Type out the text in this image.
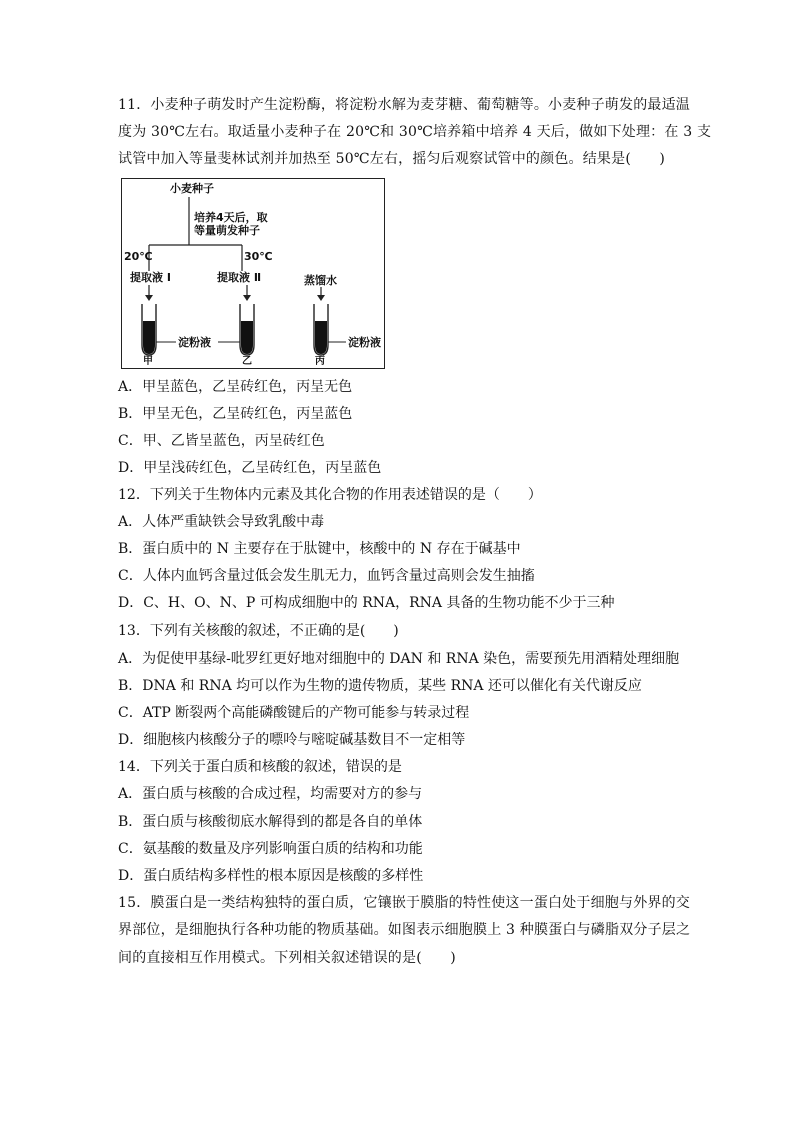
11．小麦种子萌发时产生淀粉酶，将淀粉水解为麦芽糖、葡萄糖等。小麦种子萌发的最适温
度为 30℃左右。取适量小麦种子在 20℃和 30℃培养箱中培养 4 天后，做如下处理：在 3 支
试管中加入等量斐林试剂并加热至 50℃左右，摇匀后观察试管中的颜色。结果是(　　)
小麦种子
培养4天后，取
等量萌发种子
20℃	30℃
提取液 Ⅰ	提取液 Ⅱ	蒸馏水
淀粉液	淀粉液
甲	乙	丙
A．甲呈蓝色，乙呈砖红色，丙呈无色
B．甲呈无色，乙呈砖红色，丙呈蓝色
C．甲、乙皆呈蓝色，丙呈砖红色
D．甲呈浅砖红色，乙呈砖红色，丙呈蓝色
12．下列关于生物体内元素及其化合物的作用表述错误的是（　　）
A．人体严重缺铁会导致乳酸中毒
B．蛋白质中的 N 主要存在于肽键中，核酸中的 N 存在于碱基中
C．人体内血钙含量过低会发生肌无力，血钙含量过高则会发生抽搐
D．C、H、O、N、P 可构成细胞中的 RNA，RNA 具备的生物功能不少于三种
13．下列有关核酸的叙述，不正确的是(　　)
A．为促使甲基绿-吡罗红更好地对细胞中的 DAN 和 RNA 染色，需要预先用酒精处理细胞
B．DNA 和 RNA 均可以作为生物的遗传物质，某些 RNA 还可以催化有关代谢反应
C．ATP 断裂两个高能磷酸键后的产物可能参与转录过程
D．细胞核内核酸分子的嘌呤与嘧啶碱基数目不一定相等
14．下列关于蛋白质和核酸的叙述，错误的是
A．蛋白质与核酸的合成过程，均需要对方的参与
B．蛋白质与核酸彻底水解得到的都是各自的单体
C．氨基酸的数量及序列影响蛋白质的结构和功能
D．蛋白质结构多样性的根本原因是核酸的多样性
15．膜蛋白是一类结构独特的蛋白质，它镶嵌于膜脂的特性使这一蛋白处于细胞与外界的交
界部位，是细胞执行各种功能的物质基础。如图表示细胞膜上 3 种膜蛋白与磷脂双分子层之
间的直接相互作用模式。下列相关叙述错误的是(　　)
